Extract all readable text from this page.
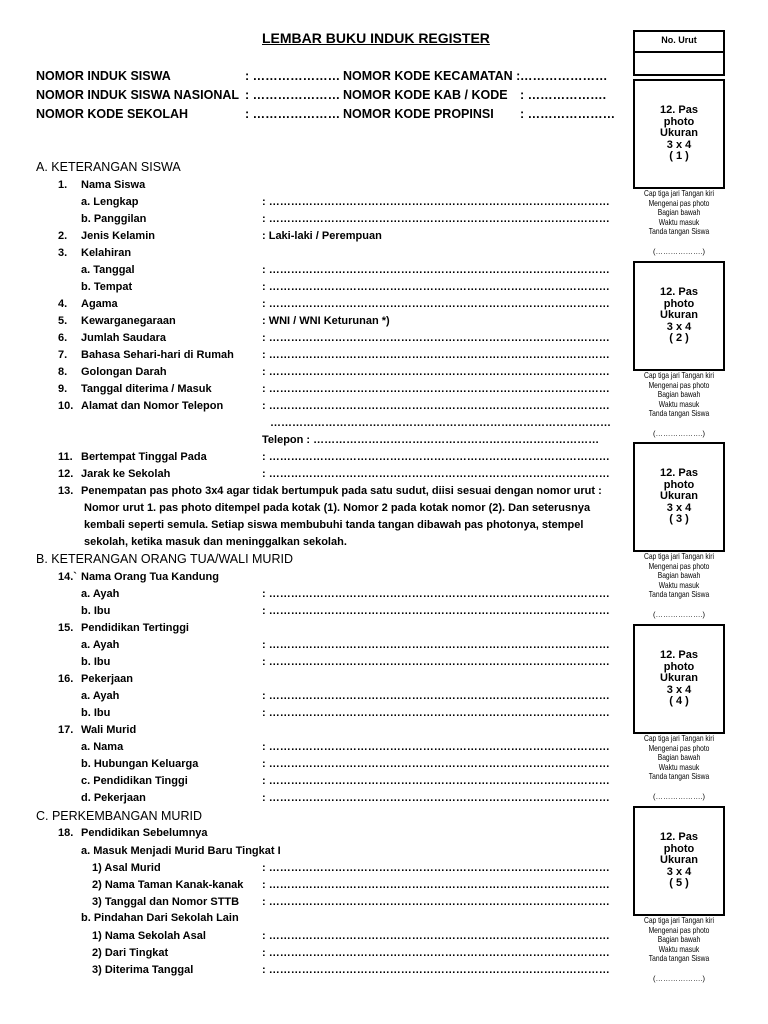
LEMBAR BUKU INDUK REGISTER	No. Urut
NOMOR INDUK SISWA	: ………………… NOMOR KODE KECAMATAN : …………………
NOMOR INDUK SISWA NASIONAL : ………………… NOMOR KODE KAB / KODE : ……………….
NOMOR KODE SEKOLAH	: ………………… NOMOR KODE PROPINSI : …………………
A. KETERANGAN SISWA
1. Nama Siswa
a. Lengkap	: …………………………………………………………………………………
b. Panggilan	: …………………………………………………………………………………
2. Jenis Kelamin	: Laki-laki / Perempuan
3. Kelahiran
a. Tanggal	: …………………………………………………………………………………
b. Tempat	: …………………………………………………………………………………
4. Agama	: …………………………………………………………………………………
5. Kewarganegaraan	: WNI / WNI Keturunan *)
6. Jumlah Saudara	: …………………………………………………………………………………
7. Bahasa Sehari-hari di Rumah	: …………………………………………………………………………………
8. Golongan Darah	: …………………………………………………………………………………
9. Tanggal diterima / Masuk	: …………………………………………………………………………………
10. Alamat dan Nomor Telepon	: …………………………………………………………………………………
…………………………………………………………………………………
Telepon : ……………………………………………………………………
11. Bertempat Tinggal Pada	: …………………………………………………………………………………
12. Jarak ke Sekolah	: …………………………………………………………………………………
13. Penempatan pas photo 3x4 agar tidak bertumpuk pada satu sudut, diisi sesuai dengan nomor urut :
Nomor urut 1. pas photo ditempel pada kotak (1). Nomor 2 pada kotak nomor (2). Dan seterusnya
kembali seperti semula. Setiap siswa membubuhi tanda tangan dibawah pas photonya, stempel
sekolah, ketika masuk dan meninggalkan sekolah.
B. KETERANGAN ORANG TUA/WALI MURID
14.` Nama Orang Tua Kandung
a. Ayah	: …………………………………………………………………………………
b. Ibu	: …………………………………………………………………………………
15. Pendidikan Tertinggi
a. Ayah	: …………………………………………………………………………………
b. Ibu	: …………………………………………………………………………………
16. Pekerjaan
a. Ayah	: …………………………………………………………………………………
b. Ibu	: …………………………………………………………………………………
17. Wali Murid
a. Nama	: …………………………………………………………………………………
b. Hubungan Keluarga	: …………………………………………………………………………………
c. Pendidikan Tinggi	: …………………………………………………………………………………
d. Pekerjaan	: …………………………………………………………………………………
C. PERKEMBANGAN MURID
18. Pendidikan Sebelumnya
a. Masuk Menjadi Murid Baru Tingkat I
1) Asal Murid	: …………………………………………………………………………………
2) Nama Taman Kanak-kanak : …………………………………………………………………………………
3) Tanggal dan Nomor STTB : …………………………………………………………………………………
b. Pindahan Dari Sekolah Lain
1) Nama Sekolah Asal	: …………………………………………………………………………………
2) Dari Tingkat	: …………………………………………………………………………………
3) Diterima Tanggal	: …………………………………………………………………………………
12. Pas
photo
Ukuran
3 x 4
( 1 )
Cap tiga jari Tangan kiri
Mengenai pas photo
Bagian bawah
Waktu masuk
Tanda tangan Siswa
(……………….)
12. Pas
photo
Ukuran
3 x 4
( 2 )
Cap tiga jari Tangan kiri
Mengenai pas photo
Bagian bawah
Waktu masuk
Tanda tangan Siswa
(……………….)
12. Pas
photo
Ukuran
3 x 4
( 3 )
Cap tiga jari Tangan kiri
Mengenai pas photo
Bagian bawah
Waktu masuk
Tanda tangan Siswa
(……………….)
12. Pas
photo
Ukuran
3 x 4
( 4 )
Cap tiga jari Tangan kiri
Mengenai pas photo
Bagian bawah
Waktu masuk
Tanda tangan Siswa
(……………….)
12. Pas
photo
Ukuran
3 x 4
( 5 )
Cap tiga jari Tangan kiri
Mengenai pas photo
Bagian bawah
Waktu masuk
Tanda tangan Siswa
(……………….)
